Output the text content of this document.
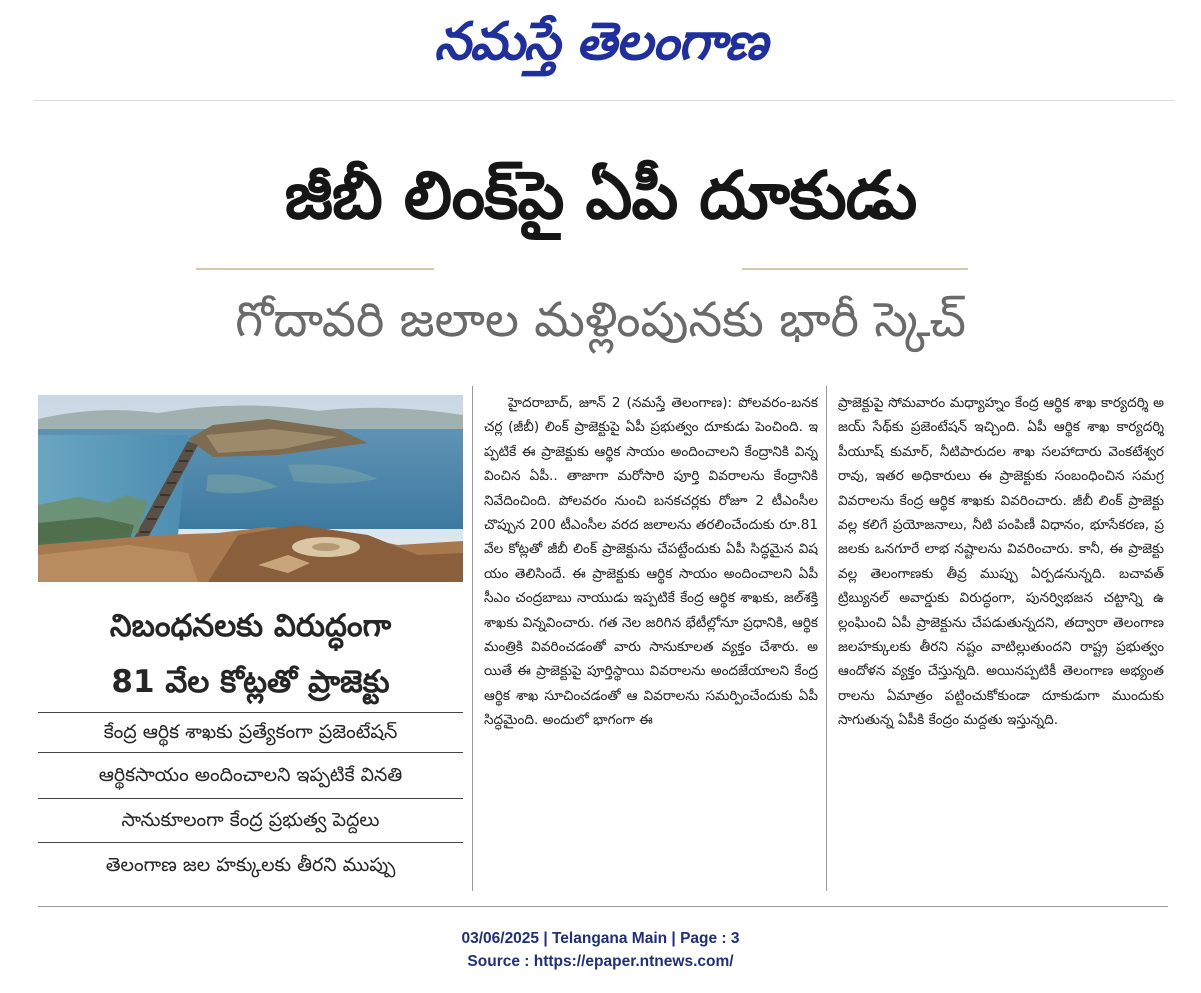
నమస్తే తెలంగాణ
జీబీ లింక్‌పై ఏపీ దూకుడు
గోదావరి జలాల మళ్లింపునకు భారీ స్కెచ్
నిబంధనలకు విరుద్ధంగా
81 వేల కోట్లతో ప్రాజెక్టు
కేంద్ర ఆర్థిక శాఖకు ప్రత్యేకంగా ప్రజెంటేషన్
ఆర్థికసాయం అందించాలని ఇప్పటికే వినతి
సానుకూలంగా కేంద్ర ప్రభుత్వ పెద్దలు
తెలంగాణ జల హక్కులకు తీరని ముప్పు
హైదరాబాద్, జూన్ 2 (నమస్తే తెలంగాణ): పోలవరం-బనకచర్ల (జీబీ) లింక్ ప్రాజెక్టుపై ఏపీ ప్రభుత్వం దూకుడు పెంచింది. ఇప్పటికే ఈ ప్రాజెక్టుకు ఆర్థిక సాయం అందించాలని కేంద్రానికి విన్నవించిన ఏపీ.. తాజాగా మరోసారి పూర్తి వివరాలను కేంద్రానికి నివేదించింది. పోలవరం నుంచి బనకచర్లకు రోజూ 2 టీఎంసీల చొప్పున 200 టీఎంసీల వరద జలాలను తరలించేందుకు రూ.81 వేల కోట్లతో జీబీ లింక్ ప్రాజెక్టును చేపట్టేందుకు ఏపీ సిద్ధమైన విషయం తెలిసిందే. ఈ ప్రాజెక్టుకు ఆర్థిక సాయం అందించాలని ఏపీ సీఎం చంద్రబాబు నాయుడు ఇప్పటికే కేంద్ర ఆర్థిక శాఖకు, జల్‌శక్తి శాఖకు విన్నవించారు. గత నెల జరిగిన భేటీల్లోనూ ప్రధానికి, ఆర్థిక మంత్రికి వివరించడంతో వారు సానుకూలత వ్యక్తం చేశారు. అయితే ఈ ప్రాజెక్టుపై పూర్తిస్థాయి వివరాలను అందజేయాలని కేంద్ర ఆర్థిక శాఖ సూచించడంతో ఆ వివరాలను సమర్పించేందుకు ఏపీ సిద్ధమైంది. అందులో భాగంగా ఈ
ప్రాజెక్టుపై సోమవారం మధ్యాహ్నం కేంద్ర ఆర్థిక శాఖ కార్యదర్శి అజయ్ సేథ్‌కు ప్రజెంటేషన్ ఇచ్చింది. ఏపీ ఆర్థిక శాఖ కార్యదర్శి పీయూష్ కుమార్, నీటిపారుదల శాఖ సలహాదారు వెంకటేశ్వరరావు, ఇతర అధికారులు ఈ ప్రాజెక్టుకు సంబంధించిన సమగ్ర వివరాలను కేంద్ర ఆర్థిక శాఖకు వివరించారు. జీబీ లింక్ ప్రాజెక్టు వల్ల కలిగే ప్రయోజనాలు, నీటి పంపిణీ విధానం, భూసేకరణ, ప్రజలకు ఒనగూరే లాభ నష్టాలను వివరించారు. కానీ, ఈ ప్రాజెక్టు వల్ల తెలంగాణకు తీవ్ర ముప్పు ఏర్పడనున్నది. బచావత్ ట్రిబ్యునల్ అవార్డుకు విరుద్ధంగా, పునర్విభజన చట్టాన్ని ఉల్లంఘించి ఏపీ ప్రాజెక్టును చేపడుతున్నదని, తద్వారా తెలంగాణ జలహక్కులకు తీరని నష్టం వాటిల్లుతుందని రాష్ట్ర ప్రభుత్వం ఆందోళన వ్యక్తం చేస్తున్నది. అయినప్పటికీ తెలంగాణ అభ్యంతరాలను ఏమాత్రం పట్టించుకోకుండా దూకుడుగా ముందుకు సాగుతున్న ఏపీకి కేంద్రం మద్దతు ఇస్తున్నది.
03/06/2025 | Telangana Main | Page : 3
Source : https://epaper.ntnews.com/
